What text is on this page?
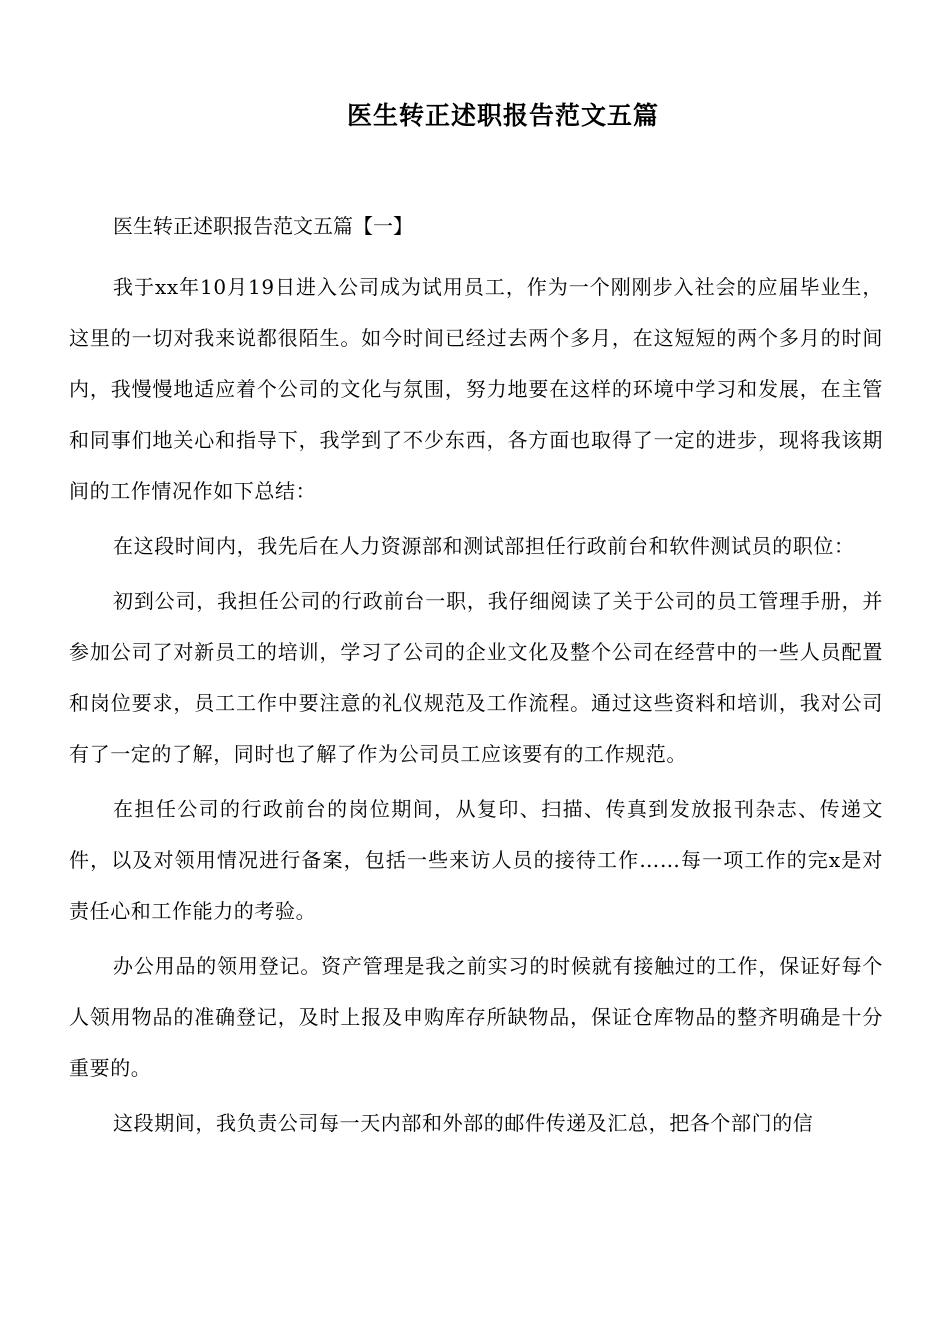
医生转正述职报告范文五篇

医生转正述职报告范文五篇【一】

我于xx年10月19日进入公司成为试用员工，作为一个刚刚步入社会的应届毕业生，这里的一切对我来说都很陌生。如今时间已经过去两个多月，在这短短的两个多月的时间内，我慢慢地适应着个公司的文化与氛围，努力地要在这样的环境中学习和发展，在主管和同事们地关心和指导下，我学到了不少东西，各方面也取得了一定的进步，现将我该期间的工作情况作如下总结：

在这段时间内，我先后在人力资源部和测试部担任行政前台和软件测试员的职位：

初到公司，我担任公司的行政前台一职，我仔细阅读了关于公司的员工管理手册，并参加公司了对新员工的培训，学习了公司的企业文化及整个公司在经营中的一些人员配置和岗位要求，员工工作中要注意的礼仪规范及工作流程。通过这些资料和培训，我对公司有了一定的了解，同时也了解了作为公司员工应该要有的工作规范。

在担任公司的行政前台的岗位期间，从复印、扫描、传真到发放报刊杂志、传递文件，以及对领用情况进行备案，包括一些来访人员的接待工作……每一项工作的完x是对责任心和工作能力的考验。

办公用品的领用登记。资产管理是我之前实习的时候就有接触过的工作，保证好每个人领用物品的准确登记，及时上报及申购库存所缺物品，保证仓库物品的整齐明确是十分重要的。

这段期间，我负责公司每一天内部和外部的邮件传递及汇总，把各个部门的信
